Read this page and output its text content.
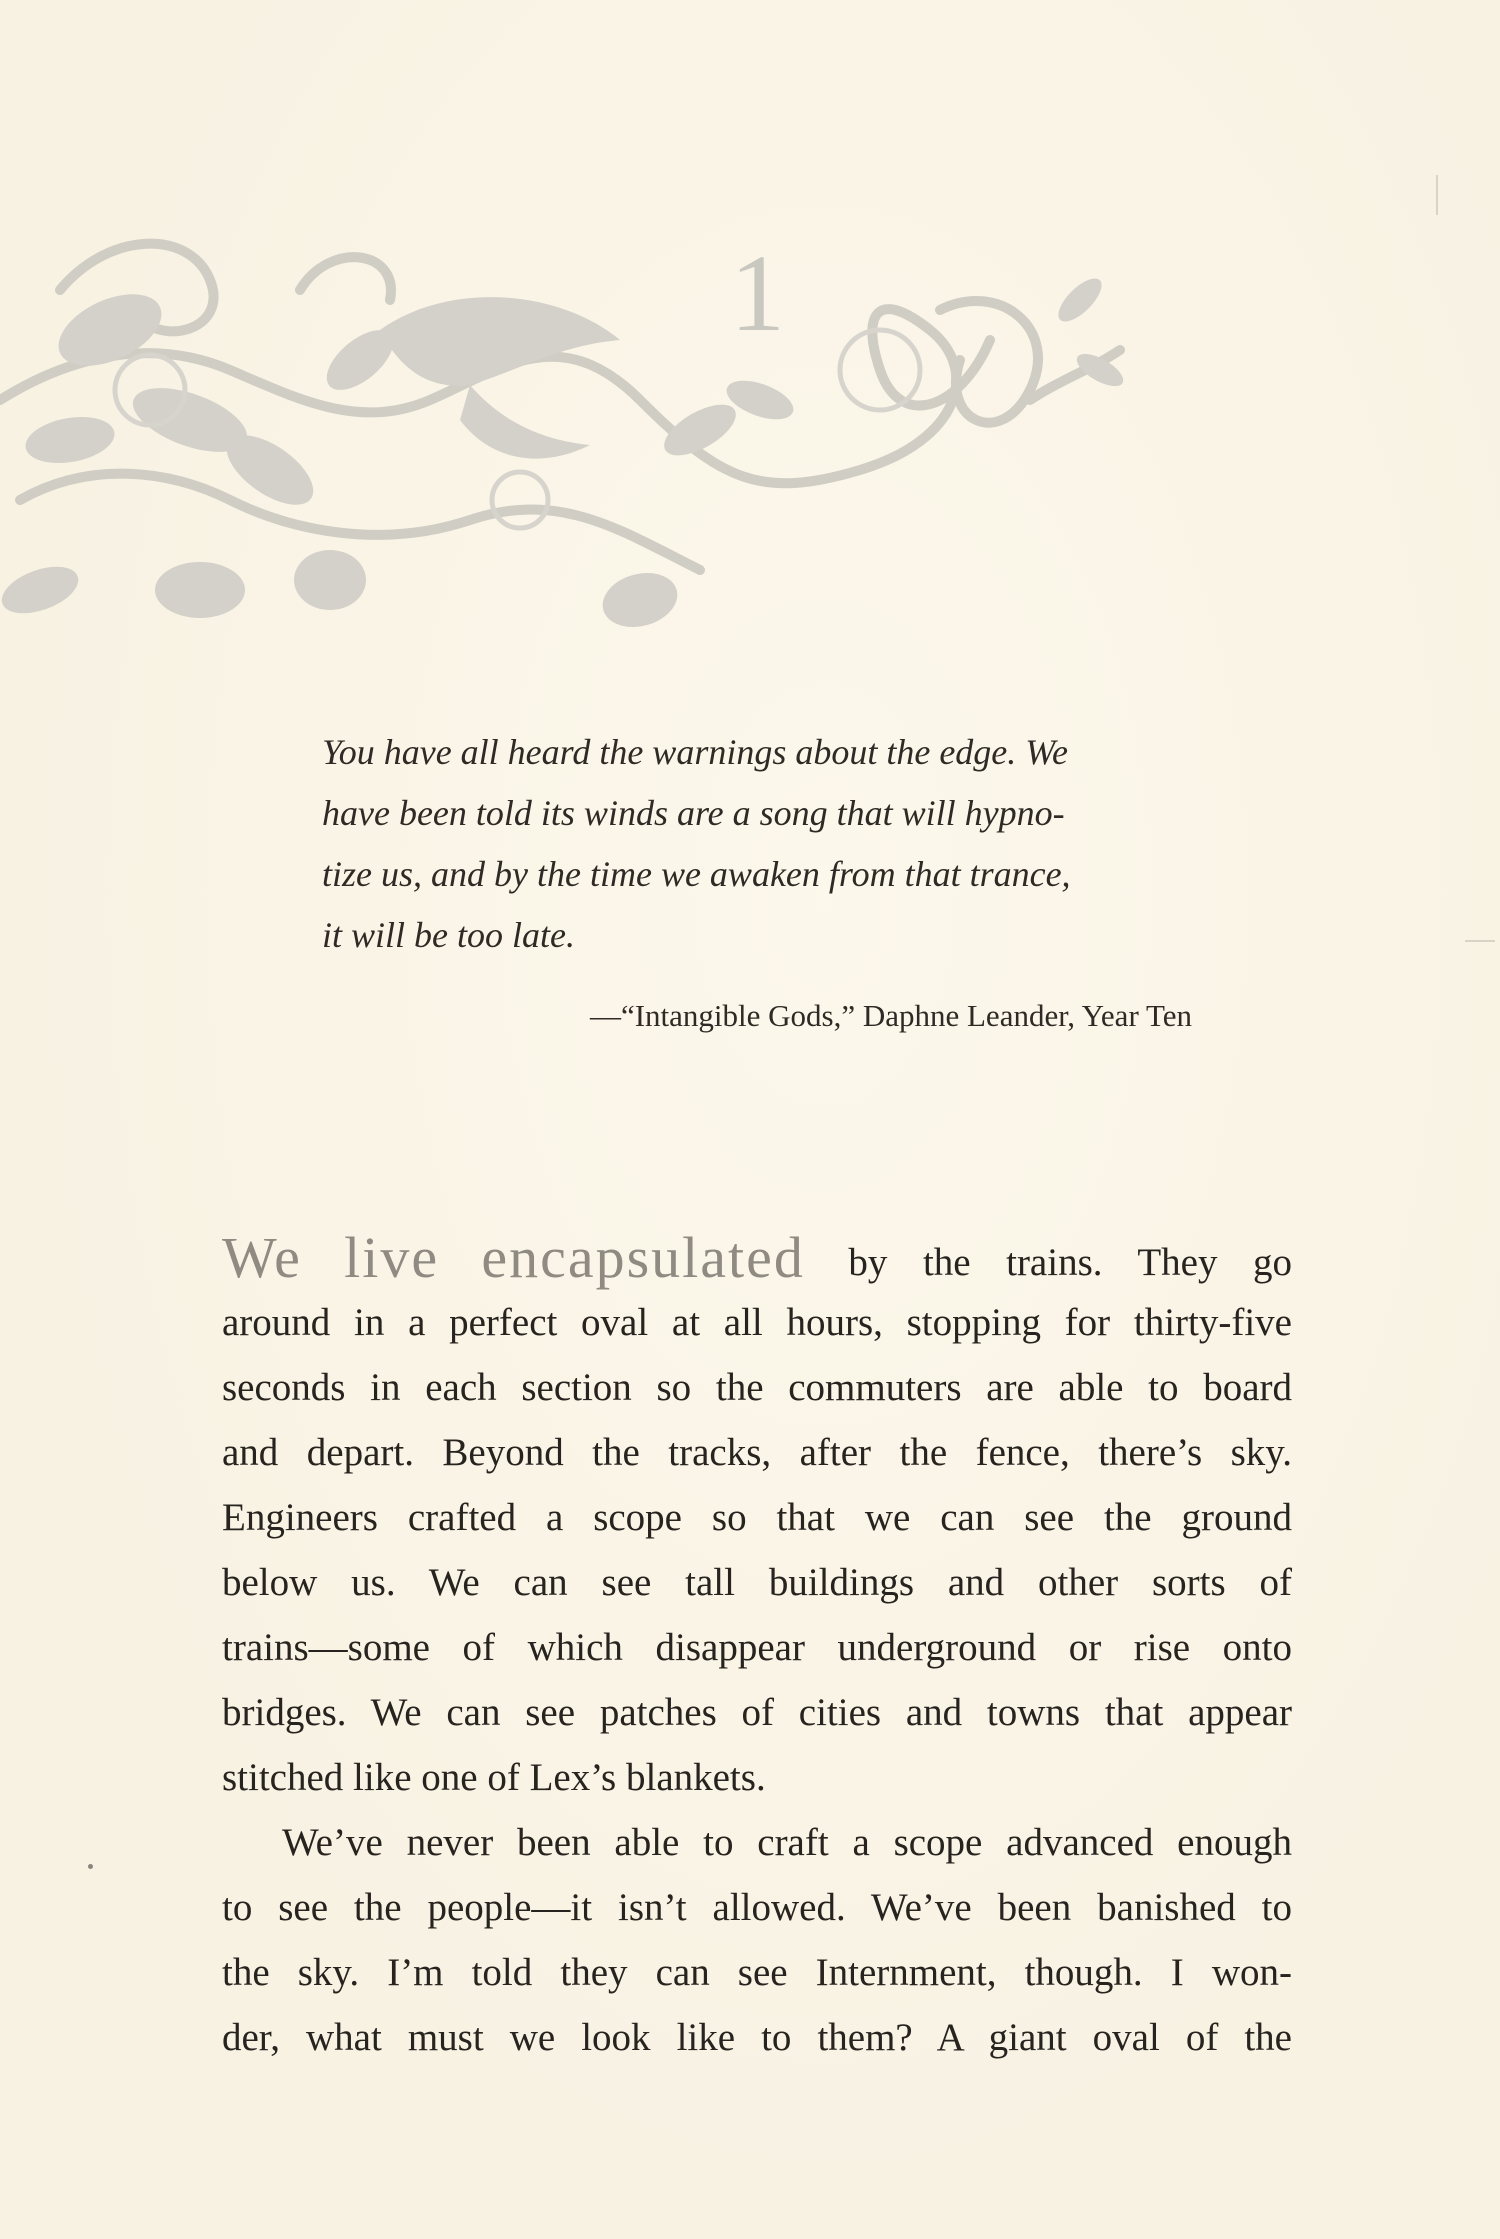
1

You have all heard the warnings about the edge. We
have been told its winds are a song that will hypno-
tize us, and by the time we awaken from that trance,
it will be too late.

—“Intangible Gods,” Daphne Leander, Year Ten
We live encapsulated by the trains. They go
around in a perfect oval at all hours, stopping for thirty-five
seconds in each section so the commuters are able to board
and depart. Beyond the tracks, after the fence, there’s sky.
Engineers crafted a scope so that we can see the ground
below us. We can see tall buildings and other sorts of
trains—some of which disappear underground or rise onto
bridges. We can see patches of cities and towns that appear
stitched like one of Lex’s blankets.
We’ve never been able to craft a scope advanced enough
to see the people—it isn’t allowed. We’ve been banished to
the sky. I’m told they can see Internment, though. I won-
der, what must we look like to them? A giant oval of the
